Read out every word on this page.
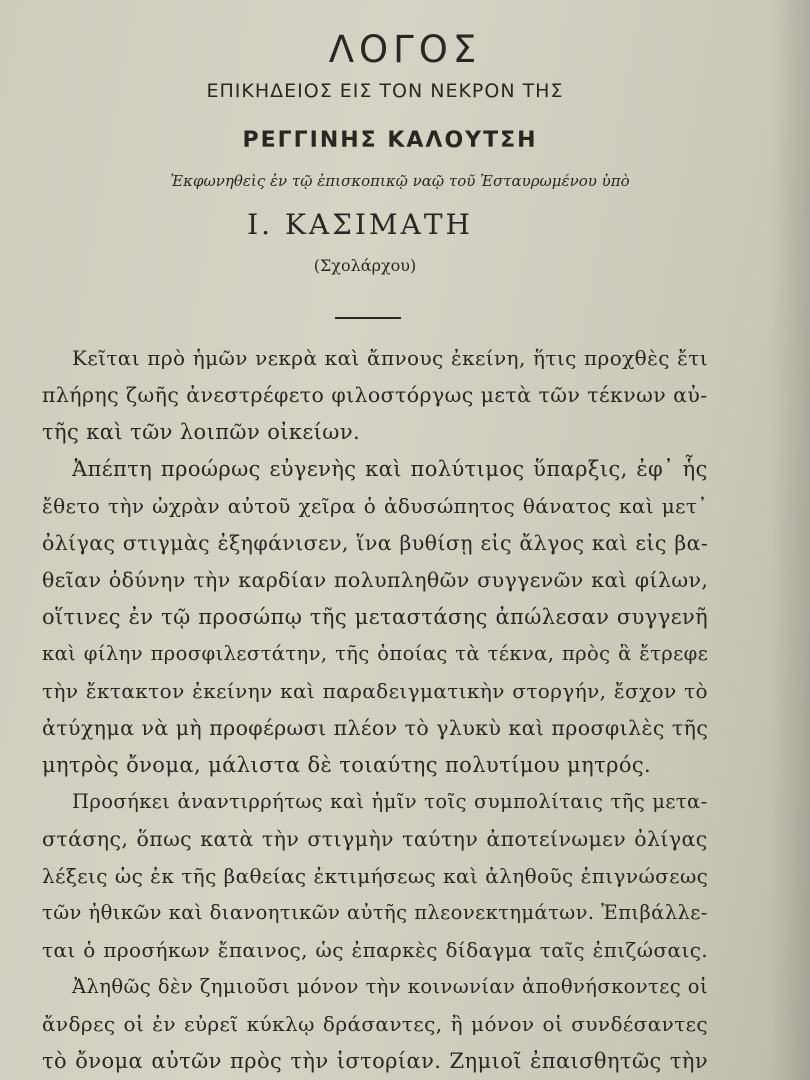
ΛΟΓΟΣ
ΕΠΙΚΗΔΕΙΟΣ ΕΙΣ ΤΟΝ ΝΕΚΡΟΝ ΤΗΣ
ΡΕΓΓΙΝΗΣ ΚΑΛΟΥΤΣΗ
Ἐκφωνηθεὶς ἐν τῷ ἐπισκοπικῷ ναῷ τοῦ Ἐσταυρωμένου ὑπὸ
Ι. ΚΑΣΙΜΑΤΗ
(Σχολάρχου)
Κεῖται πρὸ ἡμῶν νεκρὰ καὶ ἄπνους ἐκείνη, ἥτις προχθὲς ἔτι
πλήρης ζωῆς ἀνεστρέφετο φιλοστόργως μετὰ τῶν τέκνων αὐ-
τῆς καὶ τῶν λοιπῶν οἰκείων.
Ἀπέπτη προώρως εὐγενὴς καὶ πολύτιμος ὕπαρξις, ἐφ᾽ ἧς
ἔθετο τὴν ὠχρὰν αὐτοῦ χεῖρα ὁ ἀδυσώπητος θάνατος καὶ μετ᾽
ὀλίγας στιγμὰς ἐξηφάνισεν, ἵνα βυθίσῃ εἰς ἄλγος καὶ εἰς βα-
θεῖαν ὀδύνην τὴν καρδίαν πολυπληθῶν συγγενῶν καὶ φίλων,
οἵτινες ἐν τῷ προσώπῳ τῆς μεταστάσης ἀπώλεσαν συγγενῆ
καὶ φίλην προσφιλεστάτην, τῆς ὁποίας τὰ τέκνα, πρὸς ἃ ἔτρεφε
τὴν ἔκτακτον ἐκείνην καὶ παραδειγματικὴν στοργήν, ἔσχον τὸ
ἀτύχημα νὰ μὴ προφέρωσι πλέον τὸ γλυκὺ καὶ προσφιλὲς τῆς
μητρὸς ὄνομα, μάλιστα δὲ τοιαύτης πολυτίμου μητρός.
Προσήκει ἀναντιρρήτως καὶ ἡμῖν τοῖς συμπολίταις τῆς μετα-
στάσης, ὅπως κατὰ τὴν στιγμὴν ταύτην ἀποτείνωμεν ὀλίγας
λέξεις ὡς ἐκ τῆς βαθείας ἐκτιμήσεως καὶ ἀληθοῦς ἐπιγνώσεως
τῶν ἠθικῶν καὶ διανοητικῶν αὐτῆς πλεονεκτημάτων. Ἐπιβάλλε-
ται ὁ προσήκων ἔπαινος, ὡς ἐπαρκὲς δίδαγμα ταῖς ἐπιζώσαις.
Ἀληθῶς δὲν ζημιοῦσι μόνον τὴν κοινωνίαν ἀποθνήσκοντες οἱ
ἄνδρες οἱ ἐν εὐρεῖ κύκλῳ δράσαντες, ἢ μόνον οἱ συνδέσαντες
τὸ ὄνομα αὐτῶν πρὸς τὴν ἱστορίαν. Ζημιοῖ ἐπαισθητῶς τὴν
